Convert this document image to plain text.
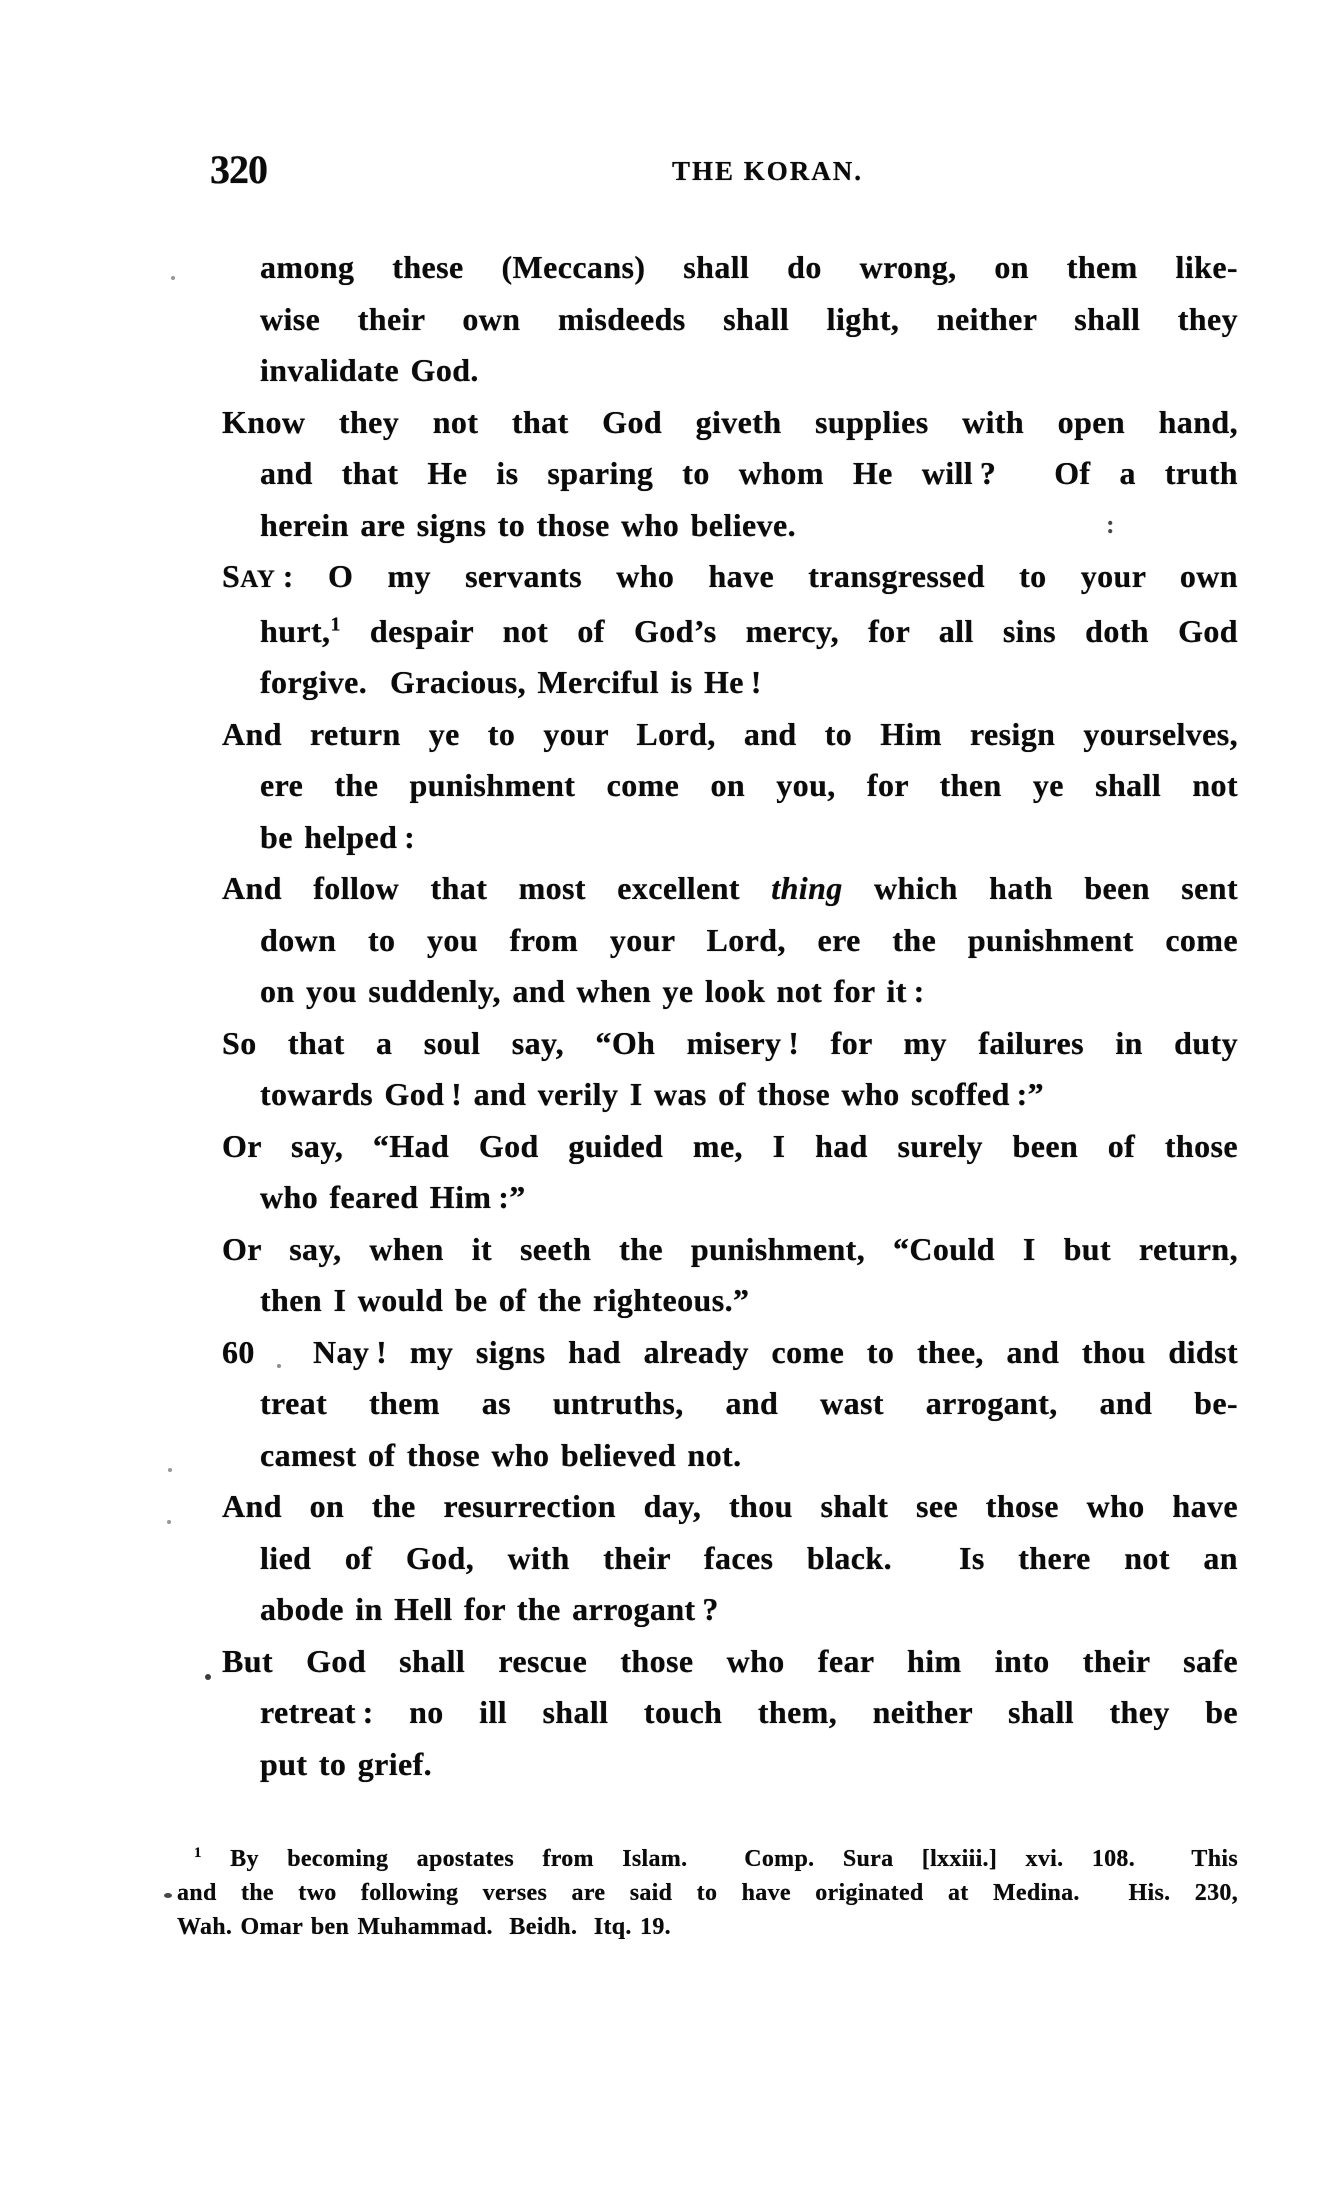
320	THE KORAN.
among these (Meccans) shall do wrong, on them like-
wise their own misdeeds shall light, neither shall they
invalidate God.
Know they not that God giveth supplies with open hand,
and that He is sparing to whom He will ?  Of a truth
herein are signs to those who believe.
SAY : O my servants who have transgressed to your own
hurt,$^1$ despair not of God’s mercy, for all sins doth God
forgive.  Gracious, Merciful is He !
And return ye to your Lord, and to Him resign yourselves,
ere the punishment come on you, for then ye shall not
be helped :
And follow that most excellent thing which hath been sent
down to you from your Lord, ere the punishment come
on you suddenly, and when ye look not for it :
So that a soul say, “Oh misery ! for my failures in duty
towards God ! and verily I was of those who scoffed :”
Or say, “Had God guided me, I had surely been of those
who feared Him :”
Or say, when it seeth the punishment, “Could I but return,
then I would be of the righteous.”
60 Nay ! my signs had already come to thee, and thou didst
treat them as untruths, and wast arrogant, and be-
camest of those who believed not.
And on the resurrection day, thou shalt see those who have
lied of God, with their faces black.  Is there not an
abode in Hell for the arrogant ?
But God shall rescue those who fear him into their safe
retreat : no ill shall touch them, neither shall they be
put to grief.
$^1$ By becoming apostates from Islam.  Comp. Sura [lxxiii.] xvi. 108.  This
and the two following verses are said to have originated at Medina.  His. 230,
Wah. Omar ben Muhammad.  Beidh.  Itq. 19.
:
